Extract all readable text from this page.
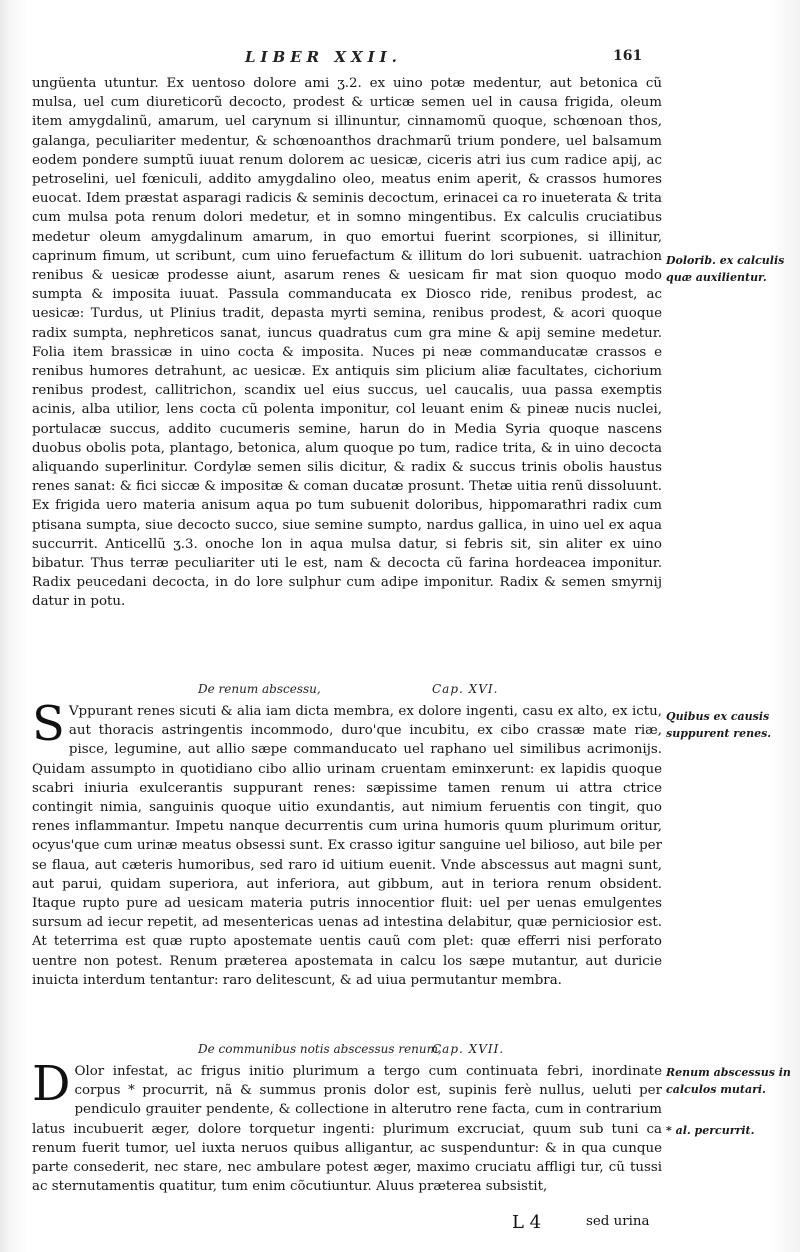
LIBER XXII.	161

ungüenta utuntur. Ex uentoso dolore ami ʒ.2. ex uino potæ medentur, aut betonica cũ mulsa, uel cum diureticorũ decocto, prodest & urticæ semen uel in causa frigida, oleum item amygdalinũ, amarum, uel carynum si illinuntur, cinnamomũ quoque, schœnoan thos, galanga, peculiariter medentur, & schœnoanthos drachmarũ trium pondere, uel balsamum eodem pondere sumptũ iuuat renum dolorem ac uesicæ, ciceris atri ius cum radice apij, ac petroselini, uel fœniculi, addito amygdalino oleo, meatus enim aperit, & crassos humores euocat. Idem præstat asparagi radicis & seminis decoctum, erinacei ca ro inueterata & trita cum mulsa pota renum dolori medetur, et in somno mingentibus. Ex calculis cruciatibus medetur oleum amygdalinum amarum, in quo emortui fuerint scorpiones, si illinitur, caprinum fimum, ut scribunt, cum uino feruefactum & illitum do lori subuenit. uatrachion renibus & uesicæ prodesse aiunt, asarum renes & uesicam fir mat sion quoquo modo sumpta & imposita iuuat. Passula commanducata ex Diosco ride, renibus prodest, ac uesicæ: Turdus, ut Plinius tradit, depasta myrti semina, renibus prodest, & acori quoque radix sumpta, nephreticos sanat, iuncus quadratus cum gra mine & apij semine medetur. Folia item brassicæ in uino cocta & imposita. Nuces pi neæ commanducatæ crassos e renibus humores detrahunt, ac uesicæ. Ex antiquis sim plicium aliæ facultates, cichorium renibus prodest, callitrichon, scandix uel eius succus, uel caucalis, uua passa exemptis acinis, alba utilior, lens cocta cũ polenta imponitur, col leuant enim & pineæ nucis nuclei, portulacæ succus, addito cucumeris semine, harun do in Media Syria quoque nascens duobus obolis pota, plantago, betonica, alum quoque po tum, radice trita, & in uino decocta aliquando superlinitur. Cordylæ semen silis dicitur, & radix & succus trinis obolis haustus renes sanat: & fici siccæ & impositæ & coman ducatæ prosunt. Thetæ uitia renũ dissoluunt. Ex frigida uero materia anisum aqua po tum subuenit doloribus, hippomarathri radix cum ptisana sumpta, siue decocto succo, siue semine sumpto, nardus gallica, in uino uel ex aqua succurrit. Anticellũ ʒ.3. onoche lon in aqua mulsa datur, si febris sit, sin aliter ex uino bibatur. Thus terræ peculiariter uti le est, nam & decocta cũ farina hordeacea imponitur. Radix peucedani decocta, in do lore sulphur cum adipe imponitur. Radix & semen smyrnij datur in potu.

De renum abscessu,	Cap. XVI.
S Vppurant renes sicuti & alia iam dicta membra, ex dolore ingenti, casu ex alto, ex ictu, aut thoracis astringentis incommodo, duro'que incubitu, ex cibo crassæ mate riæ, pisce, legumine, aut allio sæpe commanducato uel raphano uel similibus acrimonijs. Quidam assumpto in quotidiano cibo allio urinam cruentam eminxerunt: ex lapidis quoque scabri iniuria exulcerantis suppurant renes: sæpissime tamen renum ui attra ctrice contingit nimia, sanguinis quoque uitio exundantis, aut nimium feruentis con tingit, quo renes inflammantur. Impetu nanque decurrentis cum urina humoris quum plurimum oritur, ocyus'que cum urinæ meatus obsessi sunt. Ex crasso igitur sanguine uel bilioso, aut bile per se flaua, aut cæteris humoribus, sed raro id uitium euenit. Vnde abscessus aut magni sunt, aut parui, quidam superiora, aut inferiora, aut gibbum, aut in teriora renum obsident. Itaque rupto pure ad uesicam materia putris innocentior fluit: uel per uenas emulgentes sursum ad iecur repetit, ad mesentericas uenas ad intestina delabitur, quæ perniciosior est. At teterrima est quæ rupto apostemate uentis cauũ com plet: quæ efferri nisi perforato uentre non potest. Renum præterea apostemata in calcu los sæpe mutantur, aut duricie inuicta interdum tentantur: raro delitescunt, & ad uiua permutantur membra.

De communibus notis abscessus renum,
Cap. XVII.
D Olor infestat, ac frigus initio plurimum a tergo cum continuata febri, inordinate corpus * procurrit, nã & summus pronis dolor est, supinis ferè nullus, ueluti per pendiculo grauiter pendente, & collectione in alterutro rene facta, cum in contrarium latus incubuerit æger, dolore torquetur ingenti: plurimum excruciat, quum sub tuni ca renum fuerit tumor, uel iuxta neruos quibus alligantur, ac suspenduntur: & in qua cunque parte consederit, nec stare, nec ambulare potest æger, maximo cruciatu affligi tur, cũ tussi ac sternutamentis quatitur, tum enim cõcutiuntur. Aluus præterea subsistit,

Dolorib. ex calculis quæ auxilientur.
Quibus ex causis suppurent renes.
Renum abscessus in calculos mutari.
* al. percurrit.
L 4	sed urina
